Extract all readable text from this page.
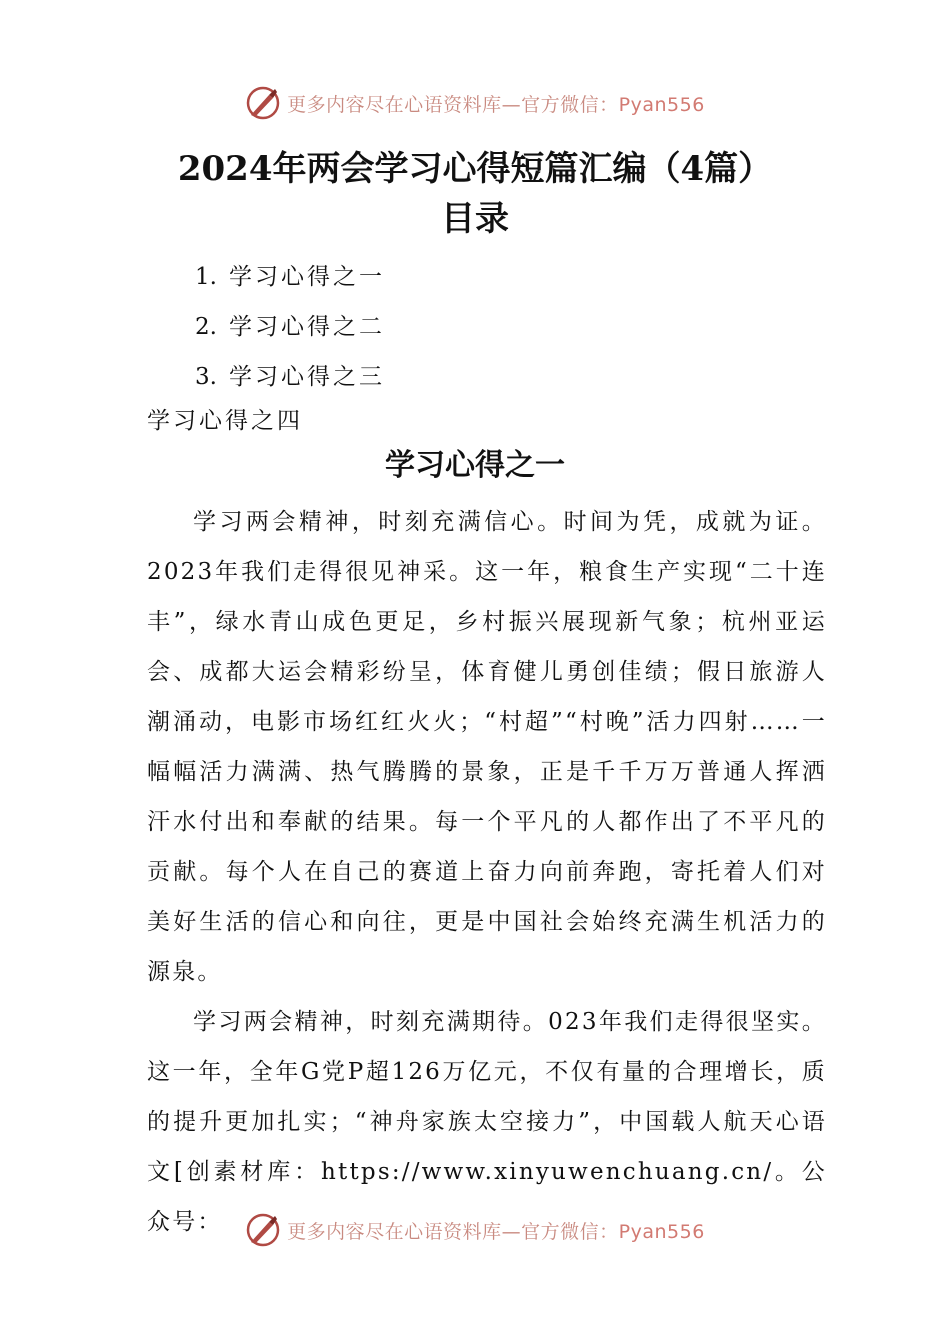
更多内容尽在心语资料库—官方微信：Pyan556
2024年两会学习心得短篇汇编（4篇）
目录
1. 学习心得之一
2. 学习心得之二
3. 学习心得之三
学习心得之四
学习心得之一

学习两会精神，时刻充满信心。时间为凭，成就为证。2023年我们走得很见神采。这一年，粮食生产实现“二十连丰”，绿水青山成色更足，乡村振兴展现新气象；杭州亚运会、成都大运会精彩纷呈，体育健儿勇创佳绩；假日旅游人潮涌动，电影市场红红火火；“村超”“村晚”活力四射……一幅幅活力满满、热气腾腾的景象，正是千千万万普通人挥洒汗水付出和奉献的结果。每一个平凡的人都作出了不平凡的贡献。每个人在自己的赛道上奋力向前奔跑，寄托着人们对美好生活的信心和向往，更是中国社会始终充满生机活力的源泉。

学习两会精神，时刻充满期待。023年我们走得很坚实。这一年，全年G党P超126万亿元，不仅有量的合理增长，质的提升更加扎实；“神舟家族太空接力”，中国载人航天心语文[创素材库：https://www.xinyuwenchuang.cn/。公众号：	更多内容尽在心语资料库—官方微信：Pyan556
